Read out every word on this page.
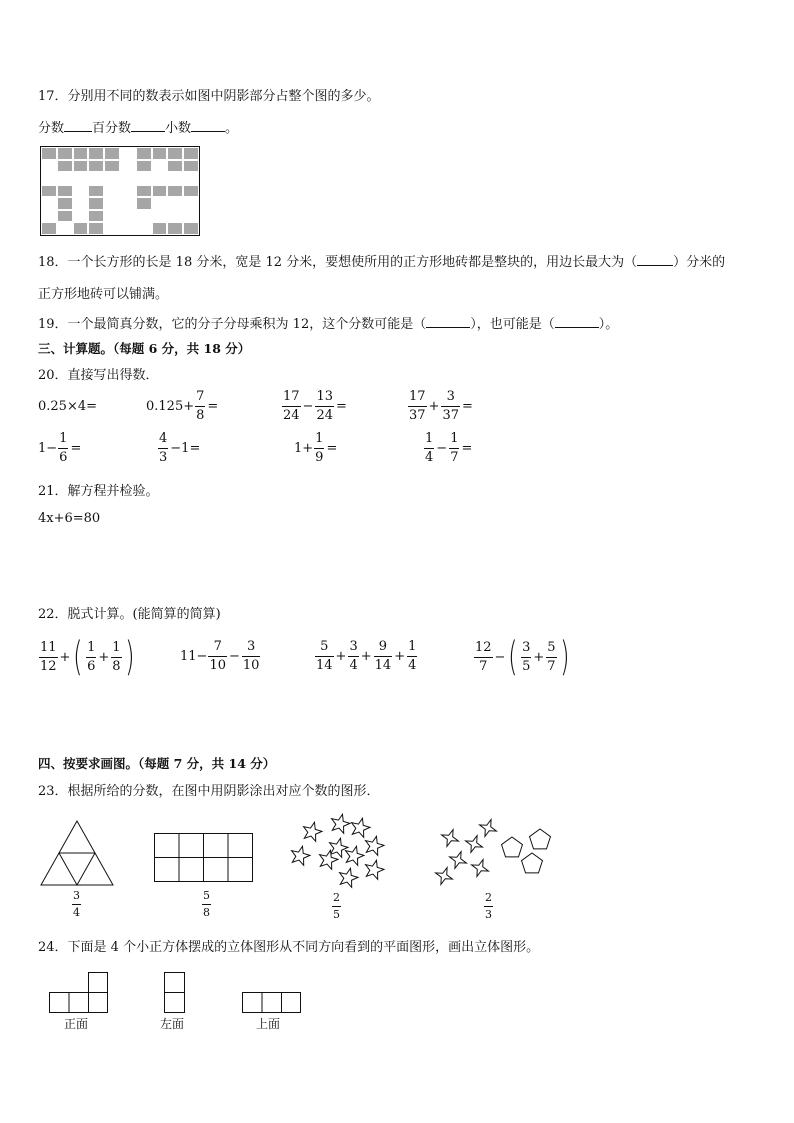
17．分别用不同的数表示如图中阴影部分占整个图的多少。
分数 百分数	小数	。
18．一个长方形的长是 18 分米，宽是 12 分米，要想使所用的正方形地砖都是整块的，用边长最大为（	）分米的
正方形地砖可以铺满。
19．一个最简真分数，它的分子分母乘积为 12，这个分数可能是（	），也可能是（	）。
三、计算题。（每题 6 分，共 18 分）
20．直接写出得数．
0.25×4=	$0.125+ \frac{7}{8}$ =	$\frac{17}{24} - \frac{13}{24}$ =	$\frac{17}{37} + \frac{3}{37}$ =
$1- \frac{1}{6}$ =	$\frac{4}{3} -1=$	$1+ \frac{1}{9}$ =	$\frac{1}{4} - \frac{1}{7}$ =
21．解方程并检验。
4x+6=80
22．脱式计算。(能简算的简算)
$\frac{11}{12}$ + ( $\frac{1}{6} + \frac{1}{8}$ )	$11- \frac{7}{10} - \frac{3}{10}$	$\frac{5}{14} + \frac{3}{4} + \frac{9}{14} + \frac{1}{4}$	$\frac{12}{7}$ − ( $\frac{3}{5} + \frac{5}{7}$ )
四、按要求画图。（每题 7 分，共 14 分）
23．根据所给的分数，在图中用阴影涂出对应个数的图形．
$\frac{3}{4}$	$\frac{5}{8}$	$\frac{2}{5}$	$\frac{2}{3}$
24．下面是 4 个小正方体摆成的立体图形从不同方向看到的平面图形，画出立体图形。
正面	左面	上面
